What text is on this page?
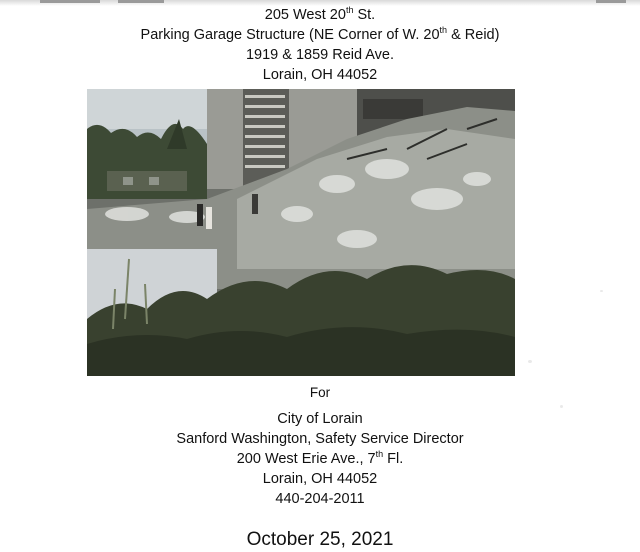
205 West 20th St.
Parking Garage Structure (NE Corner of W. 20th & Reid)
1919 & 1859 Reid Ave.
Lorain, OH 44052
For
City of Lorain
Sanford Washington, Safety Service Director
200 West Erie Ave., 7th Fl.
Lorain, OH 44052
440-204-2011
October 25, 2021
